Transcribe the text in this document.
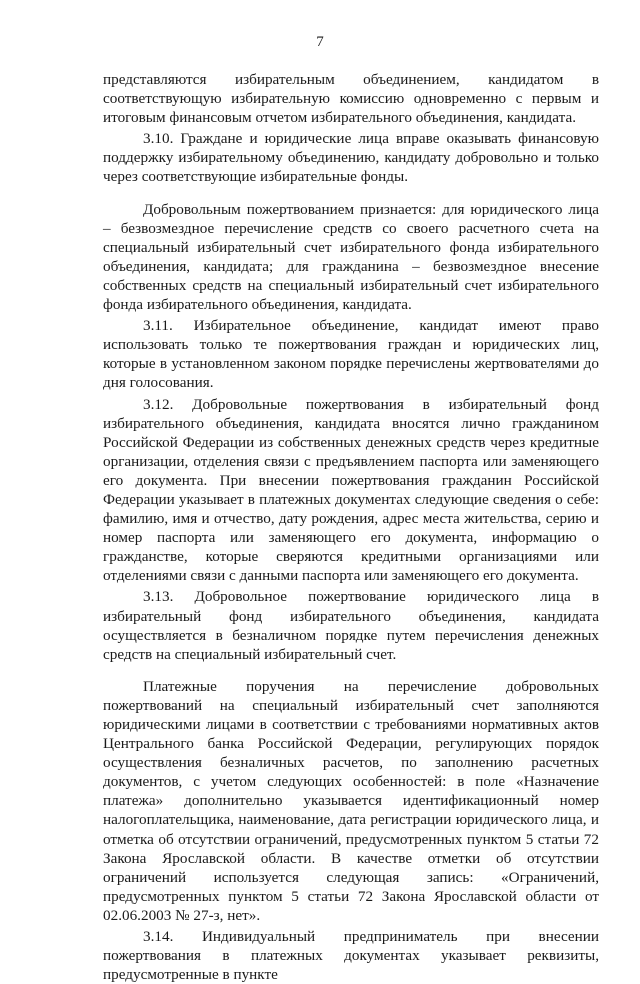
7

представляются избирательным объединением, кандидатом в соответствующую избирательную комиссию одновременно с первым и итоговым финансовым отчетом избирательного объединения, кандидата.

3.10. Граждане и юридические лица вправе оказывать финансовую поддержку избирательному объединению, кандидату добровольно и только через соответствующие избирательные фонды.

Добровольным пожертвованием признается: для юридического лица – безвозмездное перечисление средств со своего расчетного счета на специальный избирательный счет избирательного фонда избирательного объединения, кандидата; для гражданина – безвозмездное внесение собственных средств на специальный избирательный счет избирательного фонда избирательного объединения, кандидата.

3.11. Избирательное объединение, кандидат имеют право использовать только те пожертвования граждан и юридических лиц, которые в установленном законом порядке перечислены жертвователями до дня голосования.

3.12. Добровольные пожертвования в избирательный фонд избирательного объединения, кандидата вносятся лично гражданином Российской Федерации из собственных денежных средств через кредитные организации, отделения связи с предъявлением паспорта или заменяющего его документа. При внесении пожертвования гражданин Российской Федерации указывает в платежных документах следующие сведения о себе: фамилию, имя и отчество, дату рождения, адрес места жительства, серию и номер паспорта или заменяющего его документа, информацию о гражданстве, которые сверяются кредитными организациями или отделениями связи с данными паспорта или заменяющего его документа.

3.13. Добровольное пожертвование юридического лица в избирательный фонд избирательного объединения, кандидата осуществляется в безналичном порядке путем перечисления денежных средств на специальный избирательный счет.

Платежные поручения на перечисление добровольных пожертвований на специальный избирательный счет заполняются юридическими лицами в соответствии с требованиями нормативных актов Центрального банка Российской Федерации, регулирующих порядок осуществления безналичных расчетов, по заполнению расчетных документов, с учетом следующих особенностей: в поле «Назначение платежа» дополнительно указывается идентификационный номер налогоплательщика, наименование, дата регистрации юридического лица, и отметка об отсутствии ограничений, предусмотренных пунктом 5 статьи 72 Закона Ярославской области. В качестве отметки об отсутствии ограничений используется следующая запись: «Ограничений, предусмотренных пунктом 5 статьи 72 Закона Ярославской области от 02.06.2003 № 27-з, нет».

3.14. Индивидуальный предприниматель при внесении пожертвования в платежных документах указывает реквизиты, предусмотренные в пункте
